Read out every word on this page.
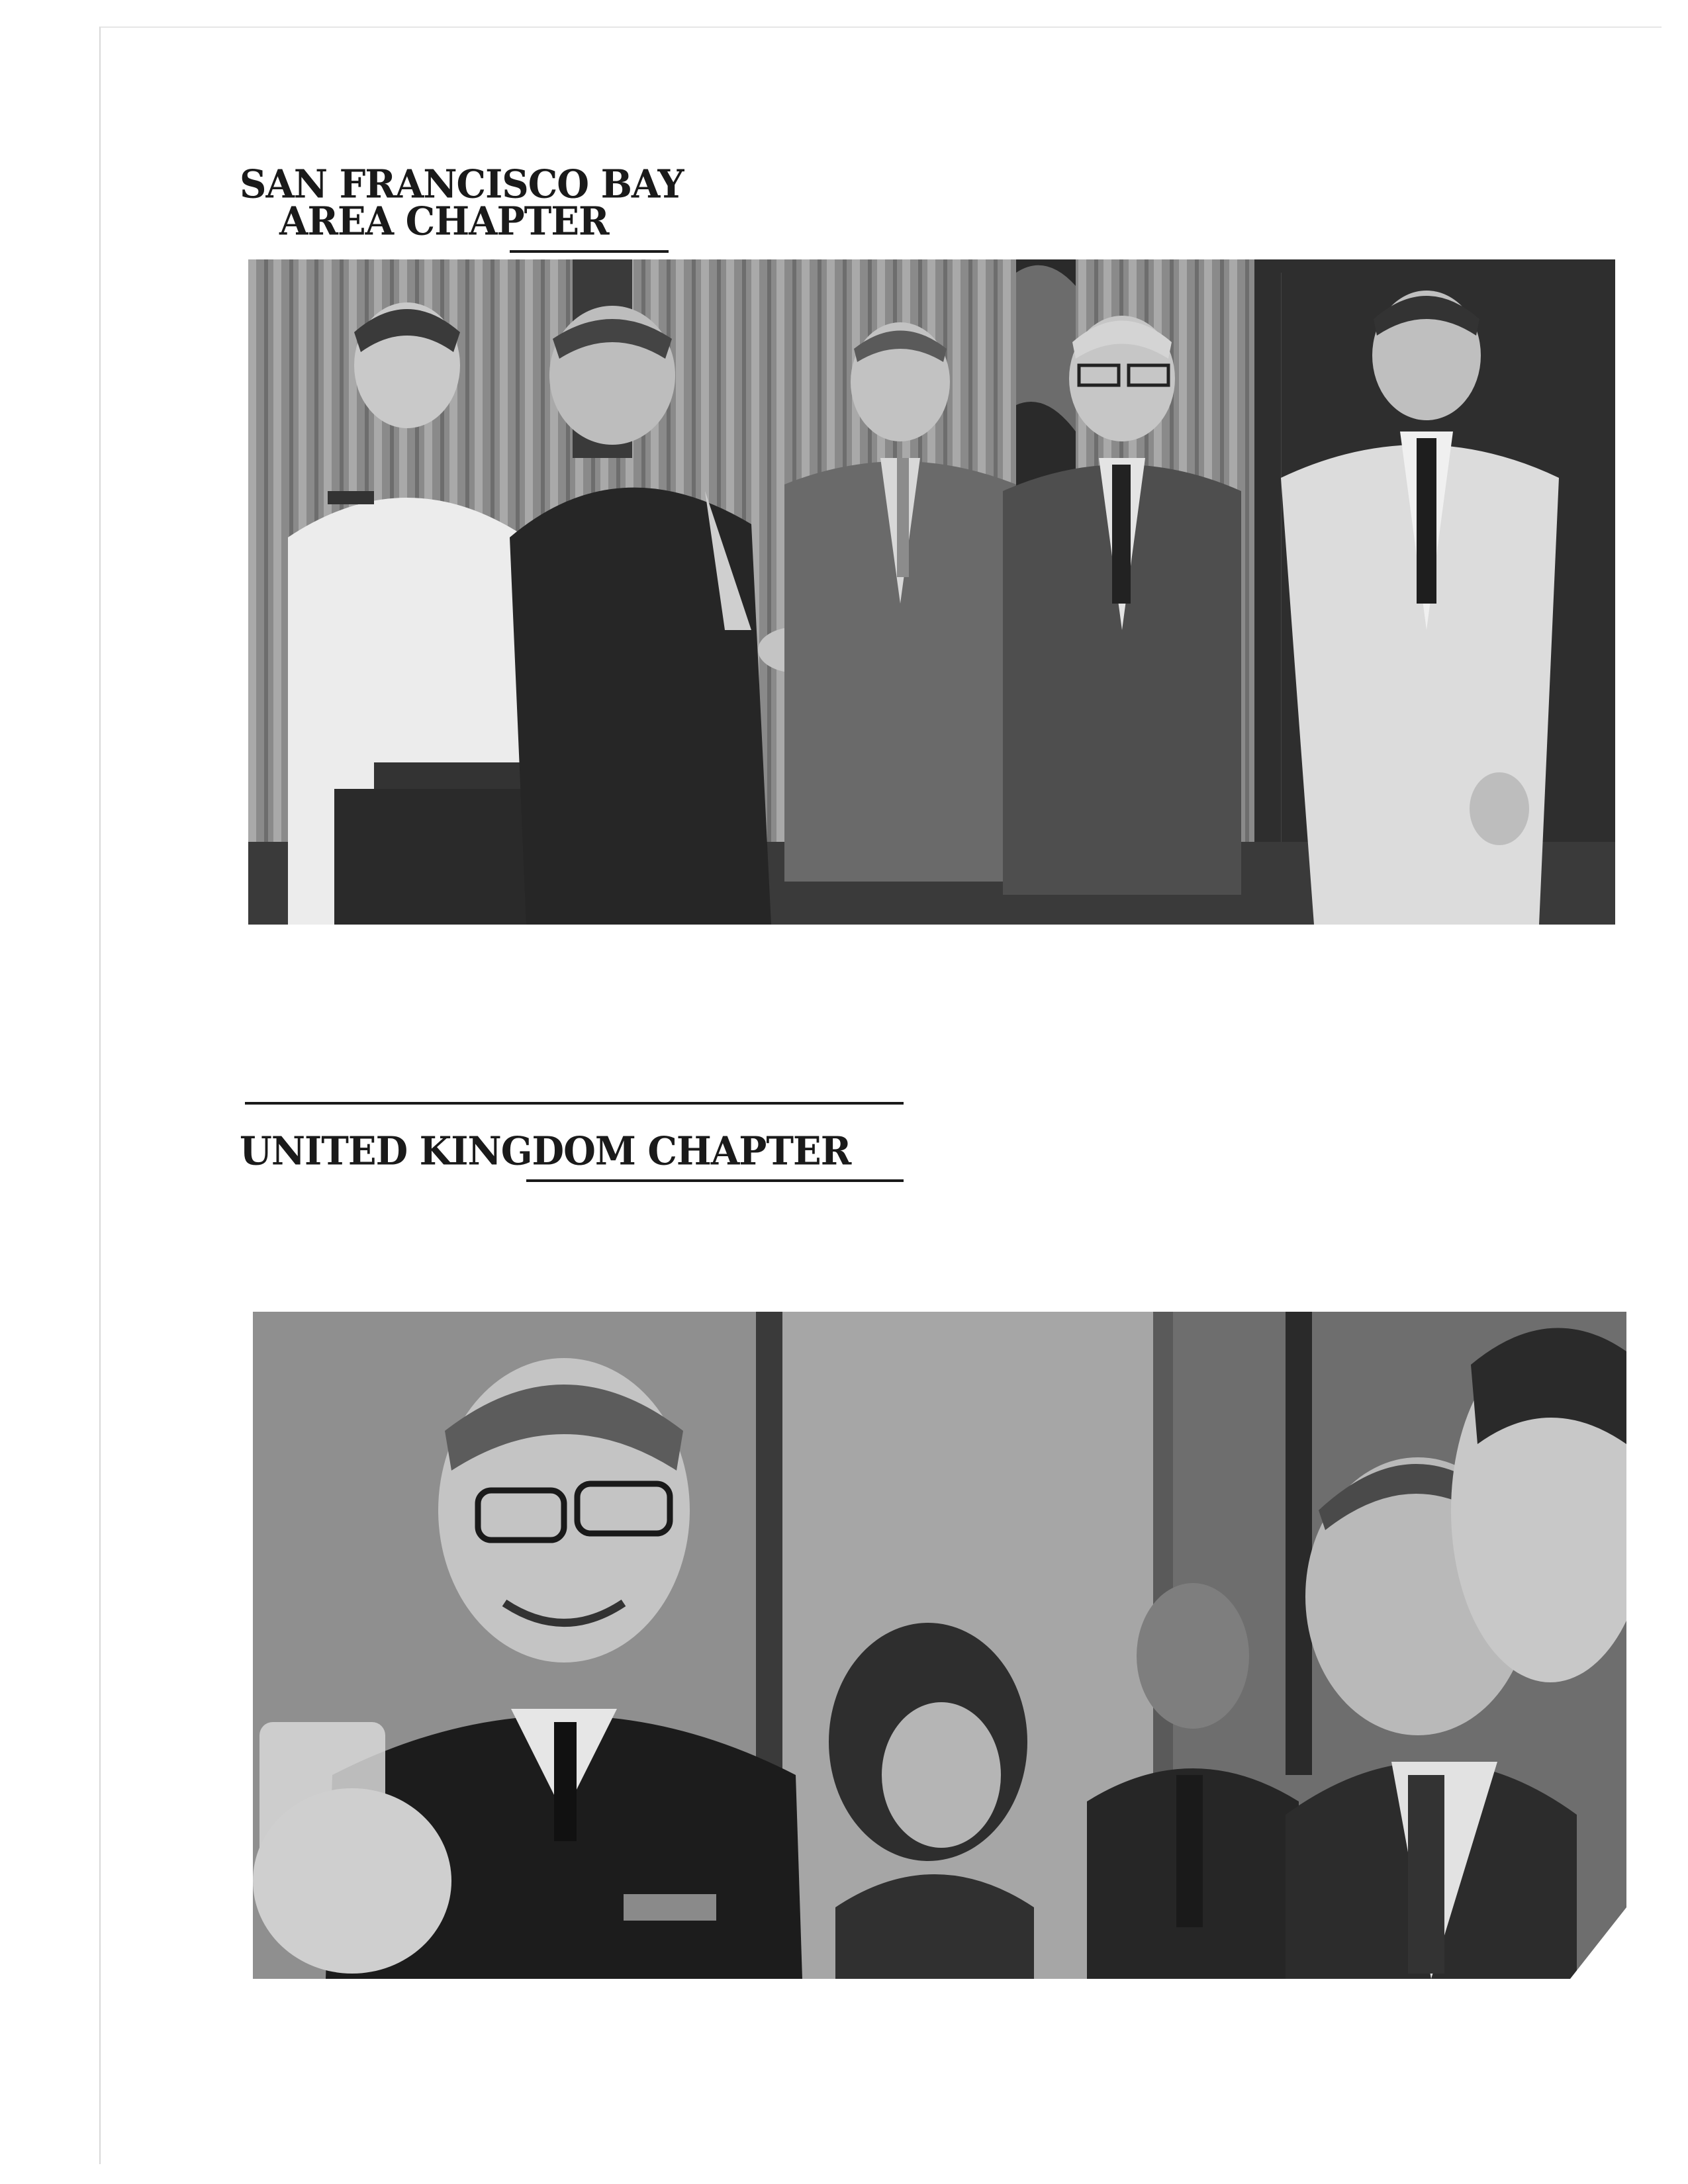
SAN FRANCISCO BAY
AREA CHAPTER
UNITED KINGDOM CHAPTER
